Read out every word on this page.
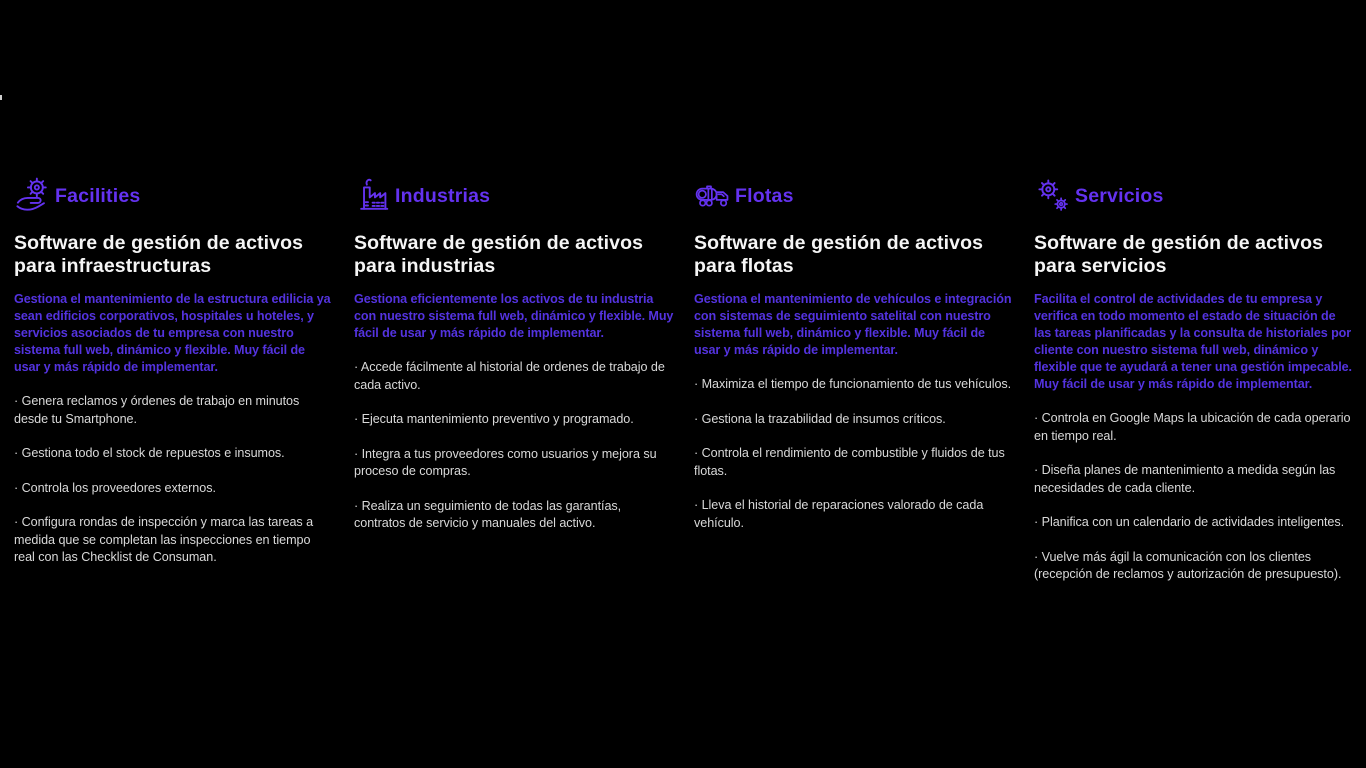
Facilities
Software de gestión de activos para infraestructuras

Gestiona el mantenimiento de la estructura edilicia ya sean edificios corporativos, hospitales u hoteles, y servicios asociados de tu empresa con nuestro sistema full web, dinámico y flexible. Muy fácil de usar y más rápido de implementar.

· Genera reclamos y órdenes de trabajo en minutos desde tu Smartphone.

· Gestiona todo el stock de repuestos e insumos.

· Controla los proveedores externos.

· Configura rondas de inspección y marca las tareas a medida que se completan las inspecciones en tiempo real con las Checklist de Consuman.

Industrias
Software de gestión de activos para industrias

Gestiona eficientemente los activos de tu industria con nuestro sistema full web, dinámico y flexible. Muy fácil de usar y más rápido de implementar.

· Accede fácilmente al historial de ordenes de trabajo de cada activo.

· Ejecuta mantenimiento preventivo y programado.

· Integra a tus proveedores como usuarios y mejora su proceso de compras.

· Realiza un seguimiento de todas las garantías, contratos de servicio y manuales del activo.

Flotas
Software de gestión de activos para flotas

Gestiona el mantenimiento de vehículos e integración con sistemas de seguimiento satelital con nuestro sistema full web, dinámico y flexible. Muy fácil de usar y más rápido de implementar.

· Maximiza el tiempo de funcionamiento de tus vehículos.

· Gestiona la trazabilidad de insumos críticos.

· Controla el rendimiento de combustible y fluidos de tus flotas.

· Lleva el historial de reparaciones valorado de cada vehículo.

Servicios
Software de gestión de activos para servicios

Facilita el control de actividades de tu empresa y verifica en todo momento el estado de situación de las tareas planificadas y la consulta de historiales por cliente con nuestro sistema full web, dinámico y flexible que te ayudará a tener una gestión impecable. Muy fácil de usar y más rápido de implementar.

· Controla en Google Maps la ubicación de cada operario en tiempo real.

· Diseña planes de mantenimiento a medida según las necesidades de cada cliente.

· Planifica con un calendario de actividades inteligentes.

· Vuelve más ágil la comunicación con los clientes (recepción de reclamos y autorización de presupuesto).
